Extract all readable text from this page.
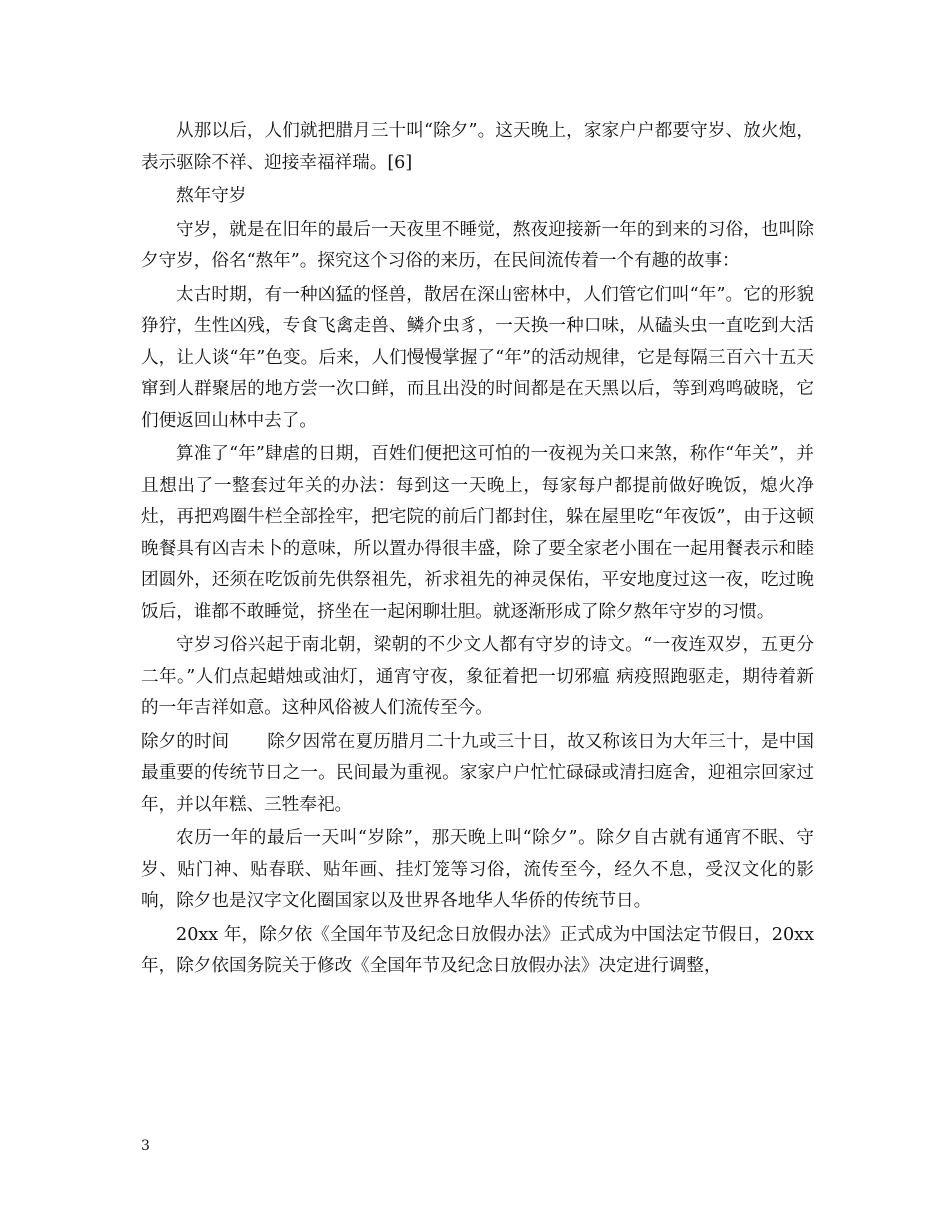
从那以后，人们就把腊月三十叫“除夕”。这天晚上，家家户户都要守岁、放火炮，表示驱除不祥、迎接幸福祥瑞。[6]

熬年守岁

守岁，就是在旧年的最后一天夜里不睡觉，熬夜迎接新一年的到来的习俗，也叫除夕守岁，俗名“熬年”。探究这个习俗的来历，在民间流传着一个有趣的故事：

太古时期，有一种凶猛的怪兽，散居在深山密林中，人们管它们叫“年”。它的形貌狰狞，生性凶残，专食飞禽走兽、鳞介虫豸，一天换一种口味，从磕头虫一直吃到大活人，让人谈“年”色变。后来，人们慢慢掌握了“年”的活动规律，它是每隔三百六十五天窜到人群聚居的地方尝一次口鲜，而且出没的时间都是在天黑以后，等到鸡鸣破晓，它们便返回山林中去了。

算准了“年”肆虐的日期，百姓们便把这可怕的一夜视为关口来煞，称作“年关”，并且想出了一整套过年关的办法：每到这一天晚上，每家每户都提前做好晚饭，熄火净灶，再把鸡圈牛栏全部拴牢，把宅院的前后门都封住，躲在屋里吃“年夜饭”，由于这顿晚餐具有凶吉未卜的意味，所以置办得很丰盛，除了要全家老小围在一起用餐表示和睦团圆外，还须在吃饭前先供祭祖先，祈求祖先的神灵保佑，平安地度过这一夜，吃过晚饭后，谁都不敢睡觉，挤坐在一起闲聊壮胆。就逐渐形成了除夕熬年守岁的习惯。

守岁习俗兴起于南北朝，梁朝的不少文人都有守岁的诗文。“一夜连双岁，五更分二年。”人们点起蜡烛或油灯，通宵守夜，象征着把一切邪瘟 病疫照跑驱走，期待着新的一年吉祥如意。这种风俗被人们流传至今。

除夕的时间 除夕因常在夏历腊月二十九或三十日，故又称该日为大年三十，是中国最重要的传统节日之一。民间最为重视。家家户户忙忙碌碌或清扫庭舍，迎祖宗回家过年，并以年糕、三牲奉祀。

农历一年的最后一天叫“岁除”，那天晚上叫“除夕”。除夕自古就有通宵不眠、守岁、贴门神、贴春联、贴年画、挂灯笼等习俗，流传至今，经久不息，受汉文化的影响，除夕也是汉字文化圈国家以及世界各地华人华侨的传统节日。

20xx 年，除夕依《全国年节及纪念日放假办法》正式成为中国法定节假日，20xx 年，除夕依国务院关于修改《全国年节及纪念日放假办法》决定进行调整，

3
